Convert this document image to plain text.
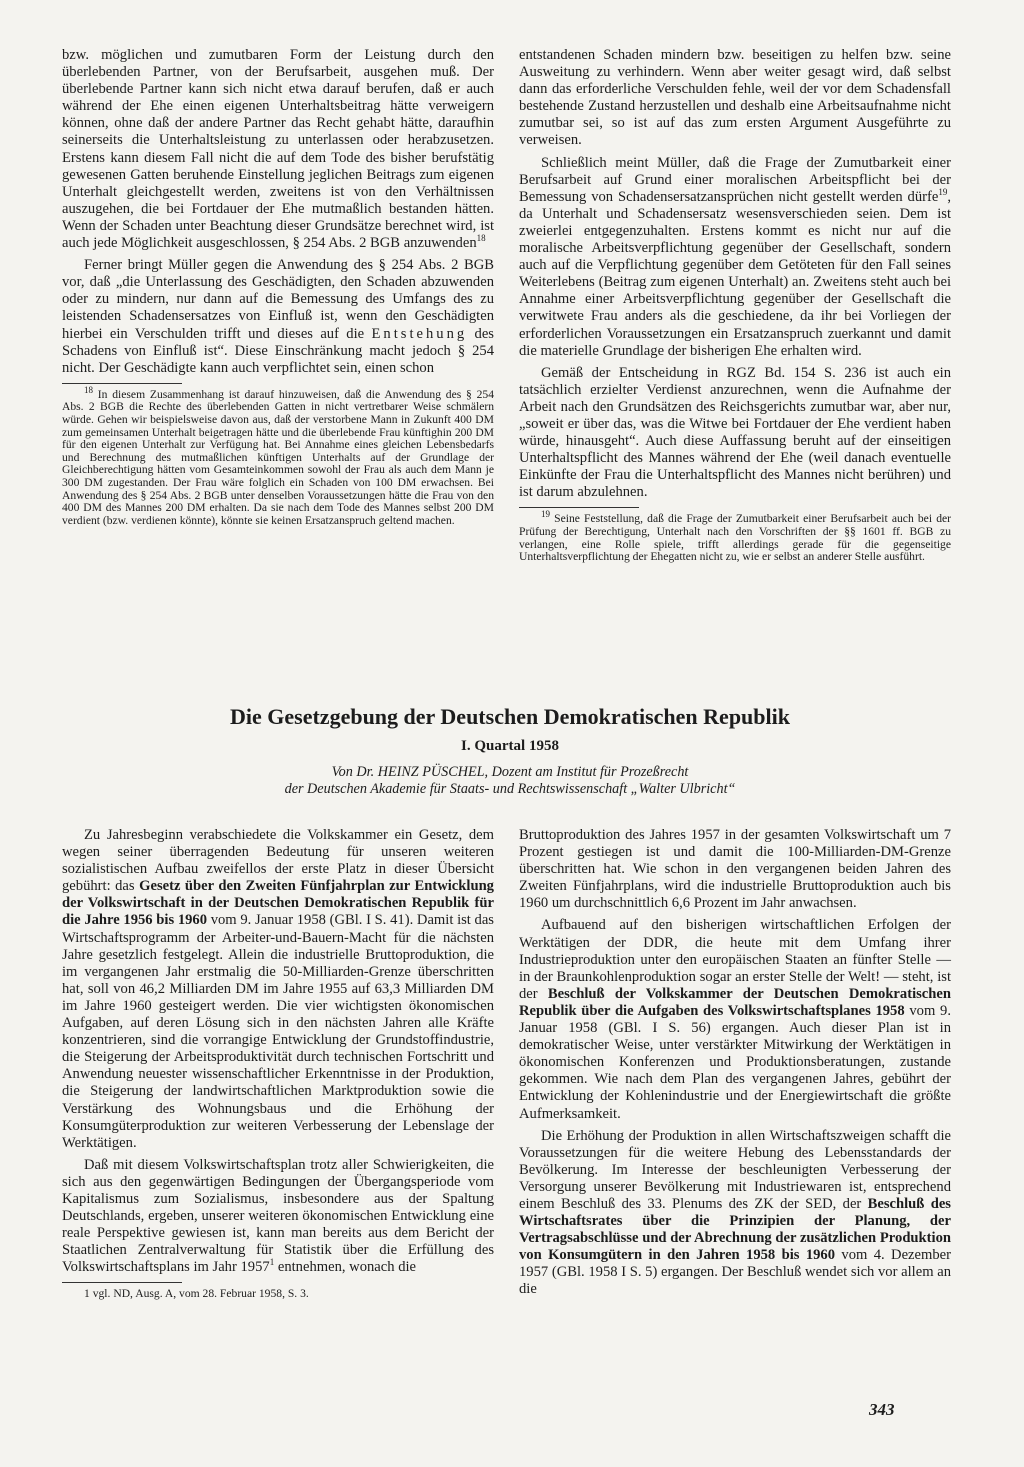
bzw. möglichen und zumutbaren Form der Leistung durch den überlebenden Partner, von der Berufsarbeit, ausgehen muß. Der überlebende Partner kann sich nicht etwa darauf berufen, daß er auch während der Ehe einen eigenen Unterhaltsbeitrag hätte verweigern können, ohne daß der andere Partner das Recht gehabt hätte, daraufhin seinerseits die Unterhaltsleistung zu unterlassen oder herabzusetzen. Erstens kann diesem Fall nicht die auf dem Tode des bisher berufstätig gewesenen Gatten beruhende Einstellung jeglichen Beitrags zum eigenen Unterhalt gleichgestellt werden, zweitens ist von den Verhältnissen auszugehen, die bei Fortdauer der Ehe mutmaßlich bestanden hätten. Wenn der Schaden unter Beachtung dieser Grundsätze berechnet wird, ist auch jede Möglichkeit ausgeschlossen, § 254 Abs. 2 BGB anzuwenden$^{18}$

Ferner bringt Müller gegen die Anwendung des § 254 Abs. 2 BGB vor, daß „die Unterlassung des Geschädigten, den Schaden abzuwenden oder zu mindern, nur dann auf die Bemessung des Umfangs des zu leistenden Schadensersatzes von Einfluß ist, wenn den Geschädigten hierbei ein Verschulden trifft und dieses auf die Entstehung des Schadens von Einfluß ist“. Diese Einschränkung macht jedoch § 254 nicht. Der Geschädigte kann auch verpflichtet sein, einen schon

$^{18}$ In diesem Zusammenhang ist darauf hinzuweisen, daß die Anwendung des § 254 Abs. 2 BGB die Rechte des überlebenden Gatten in nicht vertretbarer Weise schmälern würde. Gehen wir beispielsweise davon aus, daß der verstorbene Mann in Zukunft 400 DM zum gemeinsamen Unterhalt beigetragen hätte und die überlebende Frau künftighin 200 DM für den eigenen Unterhalt zur Verfügung hat. Bei Annahme eines gleichen Lebensbedarfs und Berechnung des mutmaßlichen künftigen Unterhalts auf der Grundlage der Gleichberechtigung hätten vom Gesamteinkommen sowohl der Frau als auch dem Mann je 300 DM zugestanden. Der Frau wäre folglich ein Schaden von 100 DM erwachsen. Bei Anwendung des § 254 Abs. 2 BGB unter denselben Voraussetzungen hätte die Frau von den 400 DM des Mannes 200 DM erhalten. Da sie nach dem Tode des Mannes selbst 200 DM verdient (bzw. verdienen könnte), könnte sie keinen Ersatzanspruch geltend machen.

entstandenen Schaden mindern bzw. beseitigen zu helfen bzw. seine Ausweitung zu verhindern. Wenn aber weiter gesagt wird, daß selbst dann das erforderliche Verschulden fehle, weil der vor dem Schadensfall bestehende Zustand herzustellen und deshalb eine Arbeitsaufnahme nicht zumutbar sei, so ist auf das zum ersten Argument Ausgeführte zu verweisen.

Schließlich meint Müller, daß die Frage der Zumutbarkeit einer Berufsarbeit auf Grund einer moralischen Arbeitspflicht bei der Bemessung von Schadensersatzansprüchen nicht gestellt werden dürfe$^{19}$, da Unterhalt und Schadensersatz wesensverschieden seien. Dem ist zweierlei entgegenzuhalten. Erstens kommt es nicht nur auf die moralische Arbeitsverpflichtung gegenüber der Gesellschaft, sondern auch auf die Verpflichtung gegenüber dem Getöteten für den Fall seines Weiterlebens (Beitrag zum eigenen Unterhalt) an. Zweitens steht auch bei Annahme einer Arbeitsverpflichtung gegenüber der Gesellschaft die verwitwete Frau anders als die geschiedene, da ihr bei Vorliegen der erforderlichen Voraussetzungen ein Ersatzanspruch zuerkannt und damit die materielle Grundlage der bisherigen Ehe erhalten wird.

Gemäß der Entscheidung in RGZ Bd. 154 S. 236 ist auch ein tatsächlich erzielter Verdienst anzurechnen, wenn die Aufnahme der Arbeit nach den Grundsätzen des Reichsgerichts zumutbar war, aber nur, „soweit er über das, was die Witwe bei Fortdauer der Ehe verdient haben würde, hinausgeht“. Auch diese Auffassung beruht auf der einseitigen Unterhaltspflicht des Mannes während der Ehe (weil danach eventuelle Einkünfte der Frau die Unterhaltspflicht des Mannes nicht berühren) und ist darum abzulehnen.

$^{19}$ Seine Feststellung, daß die Frage der Zumutbarkeit einer Berufsarbeit auch bei der Prüfung der Berechtigung, Unterhalt nach den Vorschriften der §§ 1601 ff. BGB zu verlangen, eine Rolle spiele, trifft allerdings gerade für die gegenseitige Unterhaltsverpflichtung der Ehegatten nicht zu, wie er selbst an anderer Stelle ausführt.

Die Gesetzgebung der Deutschen Demokratischen Republik
I. Quartal 1958
Von Dr. HEINZ PÜSCHEL, Dozent am Institut für Prozeßrecht
der Deutschen Akademie für Staats- und Rechtswissenschaft „Walter Ulbricht“

Zu Jahresbeginn verabschiedete die Volkskammer ein Gesetz, dem wegen seiner überragenden Bedeutung für unseren weiteren sozialistischen Aufbau zweifellos der erste Platz in dieser Übersicht gebührt: das Gesetz über den Zweiten Fünfjahrplan zur Entwicklung der Volkswirtschaft in der Deutschen Demokratischen Republik für die Jahre 1956 bis 1960 vom 9. Januar 1958 (GBl. I S. 41). Damit ist das Wirtschaftsprogramm der Arbeiter-und-Bauern-Macht für die nächsten Jahre gesetzlich festgelegt. Allein die industrielle Bruttoproduktion, die im vergangenen Jahr erstmalig die 50-Milliarden-Grenze überschritten hat, soll von 46,2 Milliarden DM im Jahre 1955 auf 63,3 Milliarden DM im Jahre 1960 gesteigert werden. Die vier wichtigsten ökonomischen Aufgaben, auf deren Lösung sich in den nächsten Jahren alle Kräfte konzentrieren, sind die vorrangige Entwicklung der Grundstoffindustrie, die Steigerung der Arbeitsproduktivität durch technischen Fortschritt und Anwendung neuester wissenschaftlicher Erkenntnisse in der Produktion, die Steigerung der landwirtschaftlichen Marktproduktion sowie die Verstärkung des Wohnungsbaus und die Erhöhung der Konsumgüterproduktion zur weiteren Verbesserung der Lebenslage der Werktätigen.

Daß mit diesem Volkswirtschaftsplan trotz aller Schwierigkeiten, die sich aus den gegenwärtigen Bedingungen der Übergangsperiode vom Kapitalismus zum Sozialismus, insbesondere aus der Spaltung Deutschlands, ergeben, unserer weiteren ökonomischen Entwicklung eine reale Perspektive gewiesen ist, kann man bereits aus dem Bericht der Staatlichen Zentralverwaltung für Statistik über die Erfüllung des Volkswirtschaftsplans im Jahr 1957$^1$ entnehmen, wonach die

1 vgl. ND, Ausg. A, vom 28. Februar 1958, S. 3.

Bruttoproduktion des Jahres 1957 in der gesamten Volkswirtschaft um 7 Prozent gestiegen ist und damit die 100-Milliarden-DM-Grenze überschritten hat. Wie schon in den vergangenen beiden Jahren des Zweiten Fünfjahrplans, wird die industrielle Bruttoproduktion auch bis 1960 um durchschnittlich 6,6 Prozent im Jahr anwachsen.

Aufbauend auf den bisherigen wirtschaftlichen Erfolgen der Werktätigen der DDR, die heute mit dem Umfang ihrer Industrieproduktion unter den europäischen Staaten an fünfter Stelle — in der Braunkohlenproduktion sogar an erster Stelle der Welt! — steht, ist der Beschluß der Volkskammer der Deutschen Demokratischen Republik über die Aufgaben des Volkswirtschaftsplanes 1958 vom 9. Januar 1958 (GBl. I S. 56) ergangen. Auch dieser Plan ist in demokratischer Weise, unter verstärkter Mitwirkung der Werktätigen in ökonomischen Konferenzen und Produktionsberatungen, zustande gekommen. Wie nach dem Plan des vergangenen Jahres, gebührt der Entwicklung der Kohlenindustrie und der Energiewirtschaft die größte Aufmerksamkeit.

Die Erhöhung der Produktion in allen Wirtschaftszweigen schafft die Voraussetzungen für die weitere Hebung des Lebensstandards der Bevölkerung. Im Interesse der beschleunigten Verbesserung der Versorgung unserer Bevölkerung mit Industriewaren ist, entsprechend einem Beschluß des 33. Plenums des ZK der SED, der Beschluß des Wirtschaftsrates über die Prinzipien der Planung, der Vertragsabschlüsse und der Abrechnung der zusätzlichen Produktion von Konsumgütern in den Jahren 1958 bis 1960 vom 4. Dezember 1957 (GBl. 1958 I S. 5) ergangen. Der Beschluß wendet sich vor allem an die

343
